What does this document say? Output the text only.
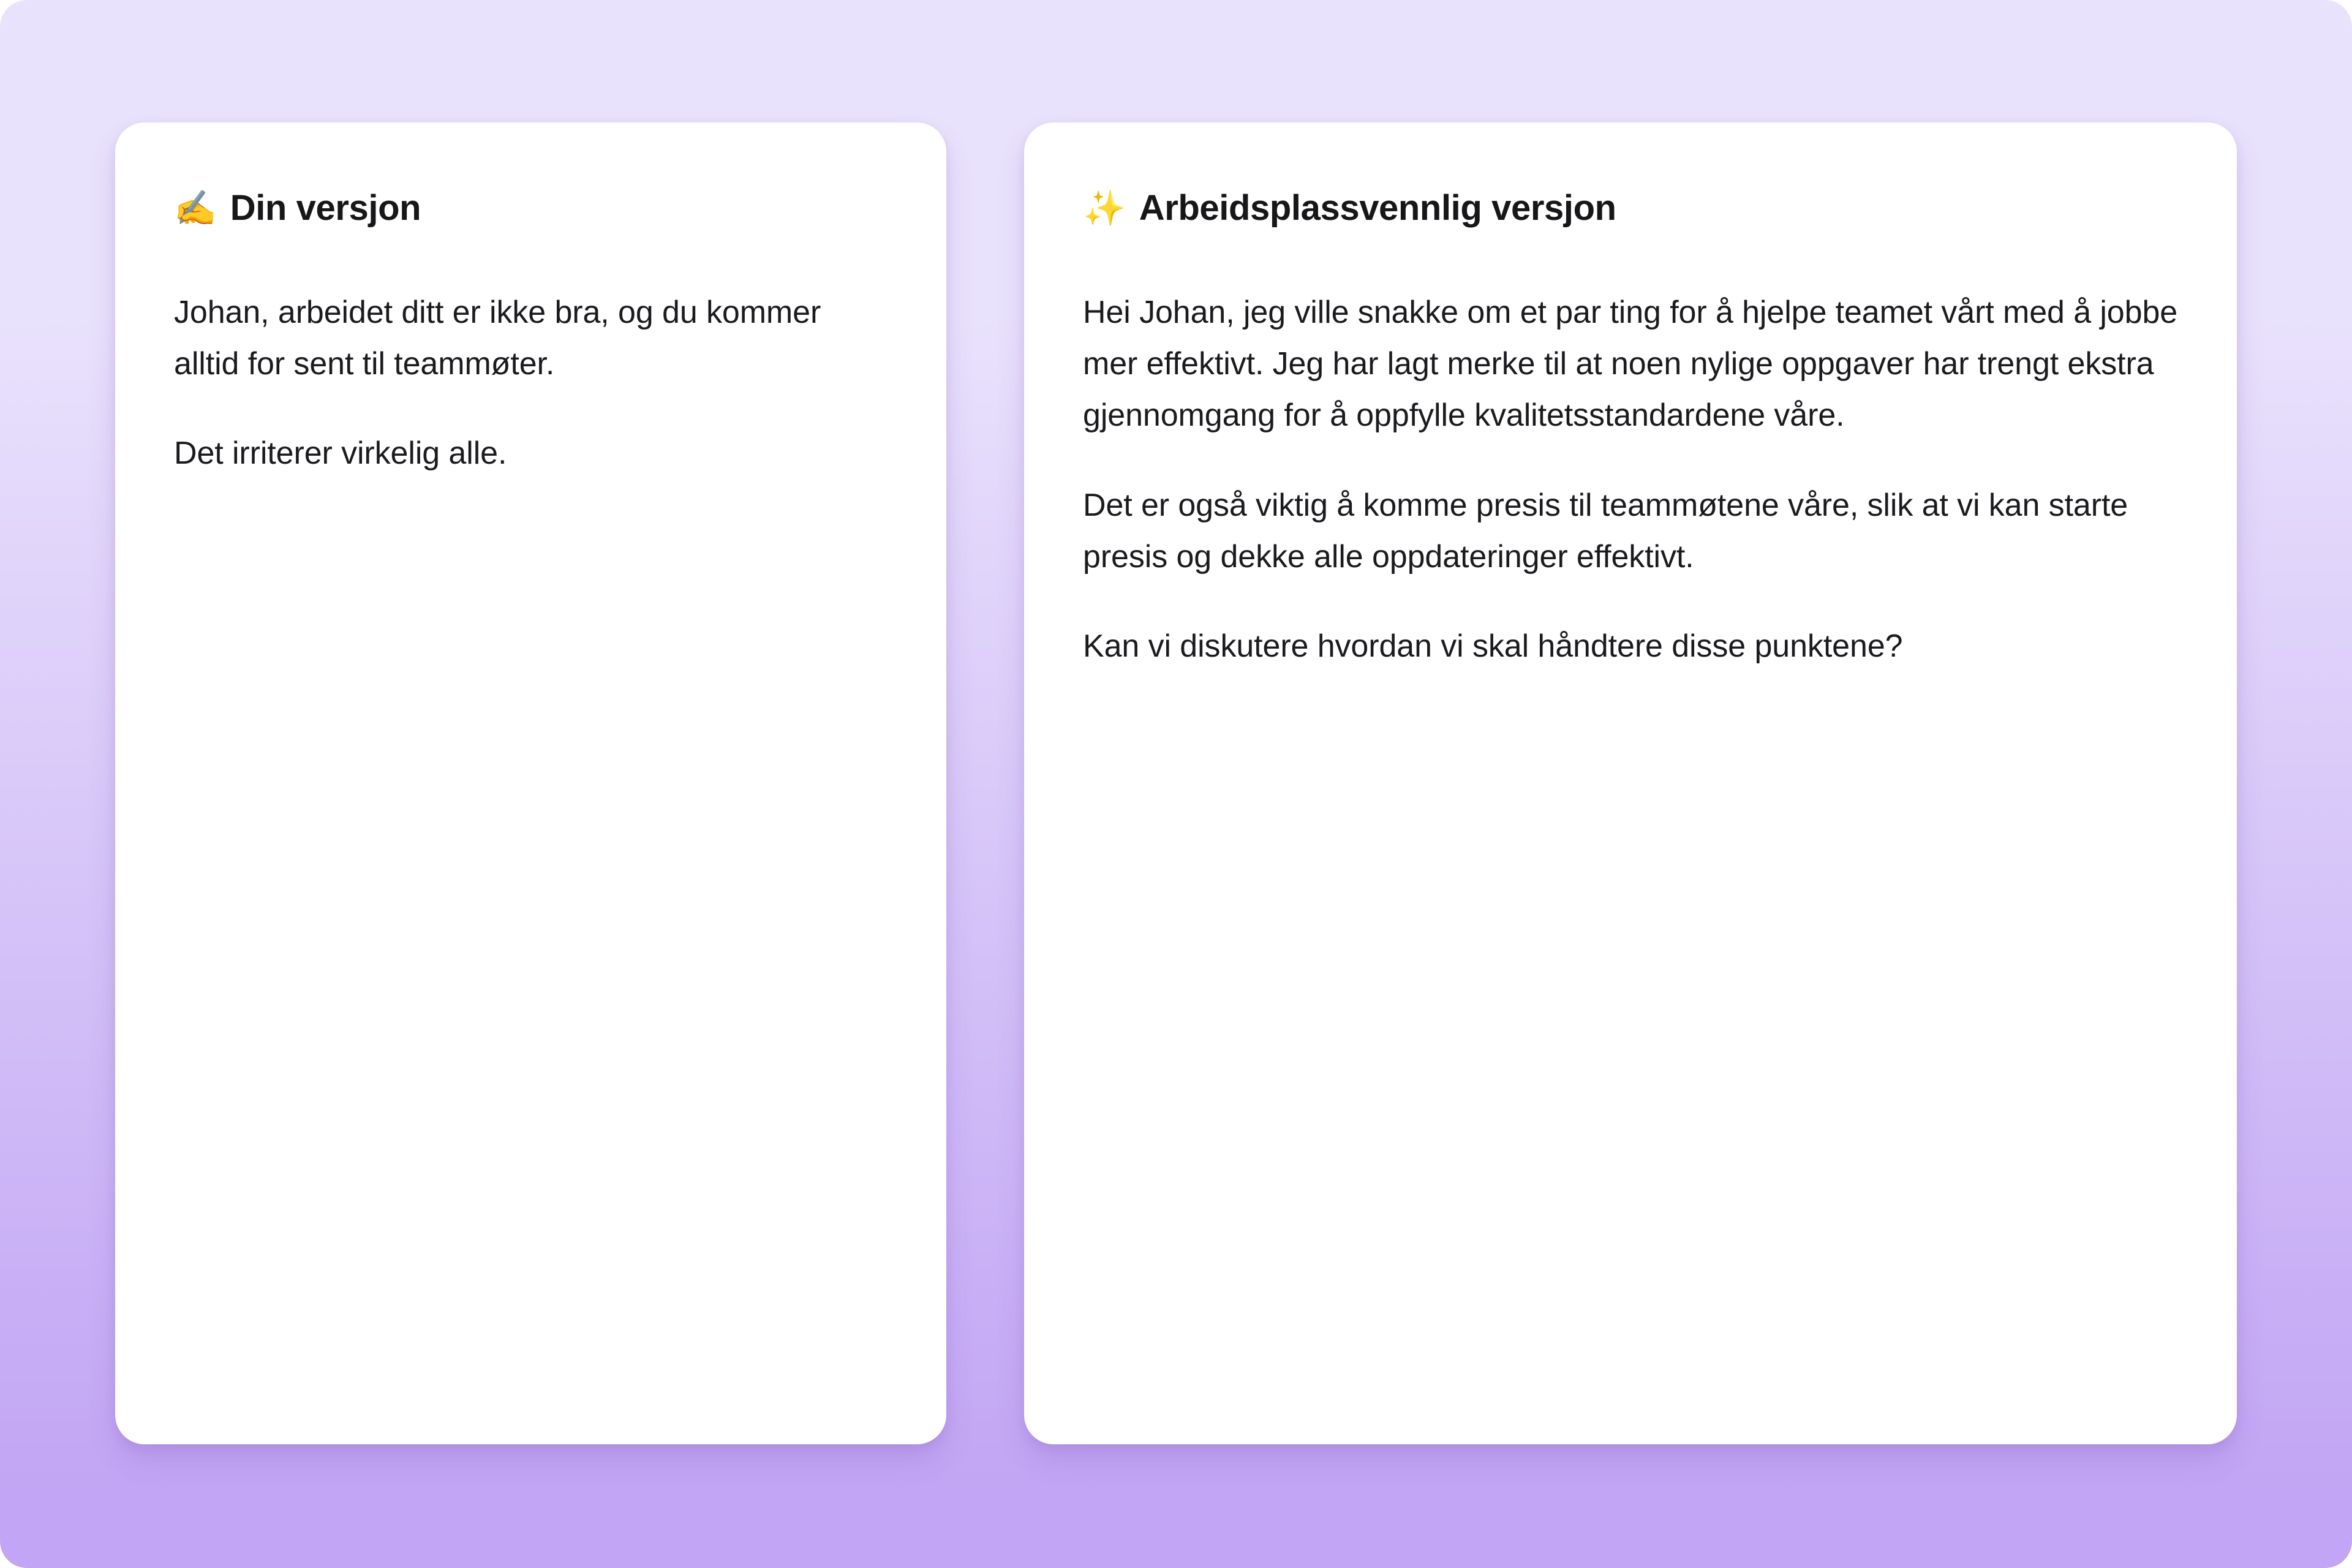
✍️ Din versjon

Johan, arbeidet ditt er ikke bra, og du kommer alltid for sent til teammøter.

Det irriterer virkelig alle.

✨ Arbeidsplassvennlig versjon

Hei Johan, jeg ville snakke om et par ting for å hjelpe teamet vårt med å jobbe mer effektivt. Jeg har lagt merke til at noen nylige oppgaver har trengt ekstra gjennomgang for å oppfylle kvalitetsstandardene våre.

Det er også viktig å komme presis til teammøtene våre, slik at vi kan starte presis og dekke alle oppdateringer effektivt.

Kan vi diskutere hvordan vi skal håndtere disse punktene?
